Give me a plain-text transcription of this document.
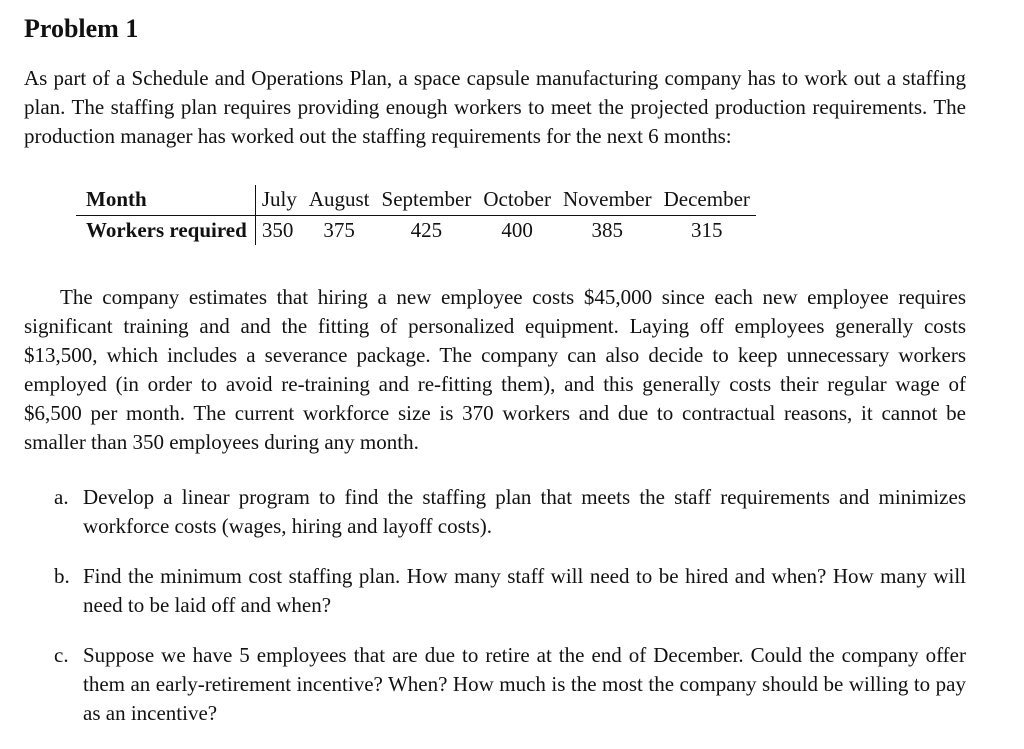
Problem 1

As part of a Schedule and Operations Plan, a space capsule manufacturing company has to work out a staffing plan. The staffing plan requires providing enough workers to meet the projected production requirements. The production manager has worked out the staffing requirements for the next 6 months:

Month	July	August	September	October	November	December
Workers required	350	375	425	400	385	315

The company estimates that hiring a new employee costs $45,000 since each new employee requires significant training and and the fitting of personalized equipment. Laying off employees generally costs $13,500, which includes a severance package. The company can also decide to keep unnecessary workers employed (in order to avoid re-training and re-fitting them), and this generally costs their regular wage of $6,500 per month. The current workforce size is 370 workers and due to contractual reasons, it cannot be smaller than 350 employees during any month.

a. Develop a linear program to find the staffing plan that meets the staff requirements and minimizes workforce costs (wages, hiring and layoff costs).
b. Find the minimum cost staffing plan. How many staff will need to be hired and when? How many will need to be laid off and when?
c. Suppose we have 5 employees that are due to retire at the end of December. Could the company offer them an early-retirement incentive? When? How much is the most the company should be willing to pay as an incentive?
